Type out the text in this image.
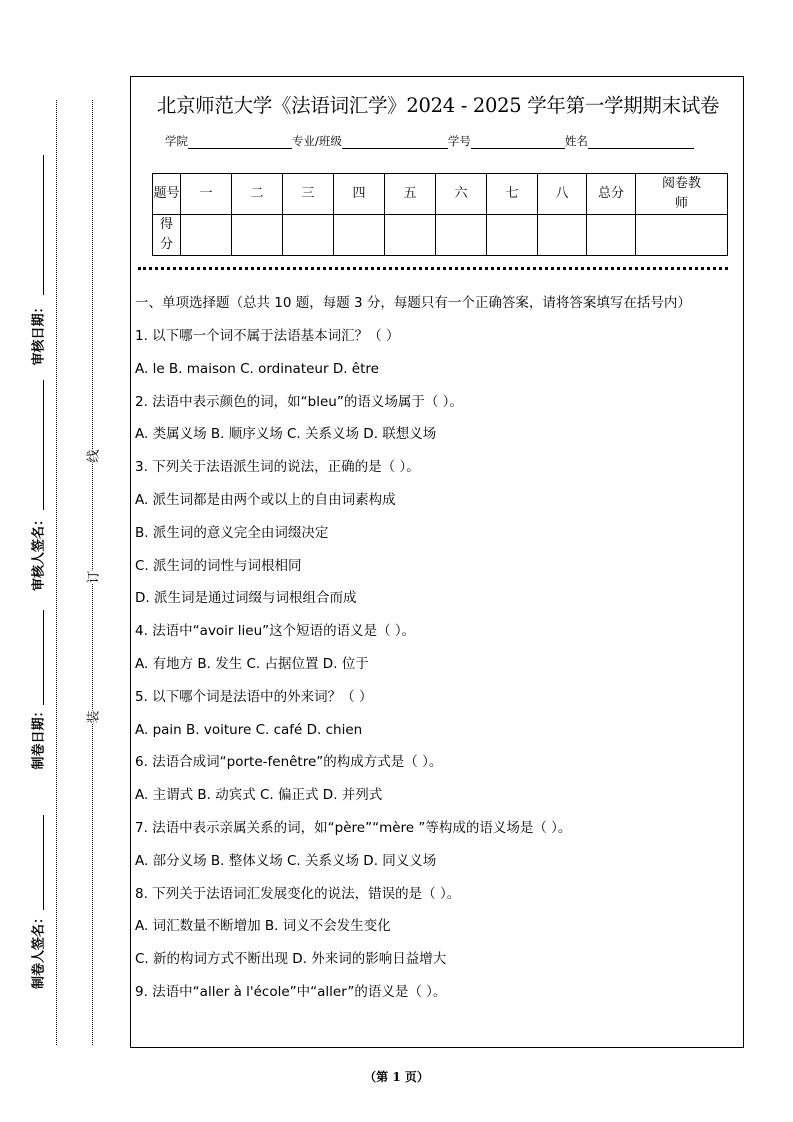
审核日期：
审核人签名：
制卷日期：
制卷人签名：
线
订
装
北京师范大学《法语词汇学》2024 - 2025 学年第一学期期末试卷
学院	专业/班级	学号	姓名
题号	一	二	三	四	五	六	七	八	总分	阅卷教师
得分										
一、单项选择题（总共 10 题，每题 3 分，每题只有一个正确答案，请将答案填写在括号内）
1. 以下哪一个词不属于法语基本词汇？（ ）
A. le B. maison C. ordinateur D. être
2. 法语中表示颜色的词，如“bleu”的语义场属于（ ）。
A. 类属义场 B. 顺序义场 C. 关系义场 D. 联想义场
3. 下列关于法语派生词的说法，正确的是（ ）。
A. 派生词都是由两个或以上的自由词素构成
B. 派生词的意义完全由词缀决定
C. 派生词的词性与词根相同
D. 派生词是通过词缀与词根组合而成
4. 法语中“avoir lieu”这个短语的语义是（ ）。
A. 有地方 B. 发生 C. 占据位置 D. 位于
5. 以下哪个词是法语中的外来词？（ ）
A. pain B. voiture C. café D. chien
6. 法语合成词“porte-fenêtre”的构成方式是（ ）。
A. 主谓式 B. 动宾式 C. 偏正式 D. 并列式
7. 法语中表示亲属关系的词，如“père”“mère ”等构成的语义场是（ ）。
A. 部分义场 B. 整体义场 C. 关系义场 D. 同义义场
8. 下列关于法语词汇发展变化的说法，错误的是（ ）。
A. 词汇数量不断增加 B. 词义不会发生变化
C. 新的构词方式不断出现 D. 外来词的影响日益增大
9. 法语中“aller à l'école”中“aller”的语义是（ ）。
（第 1 页）
